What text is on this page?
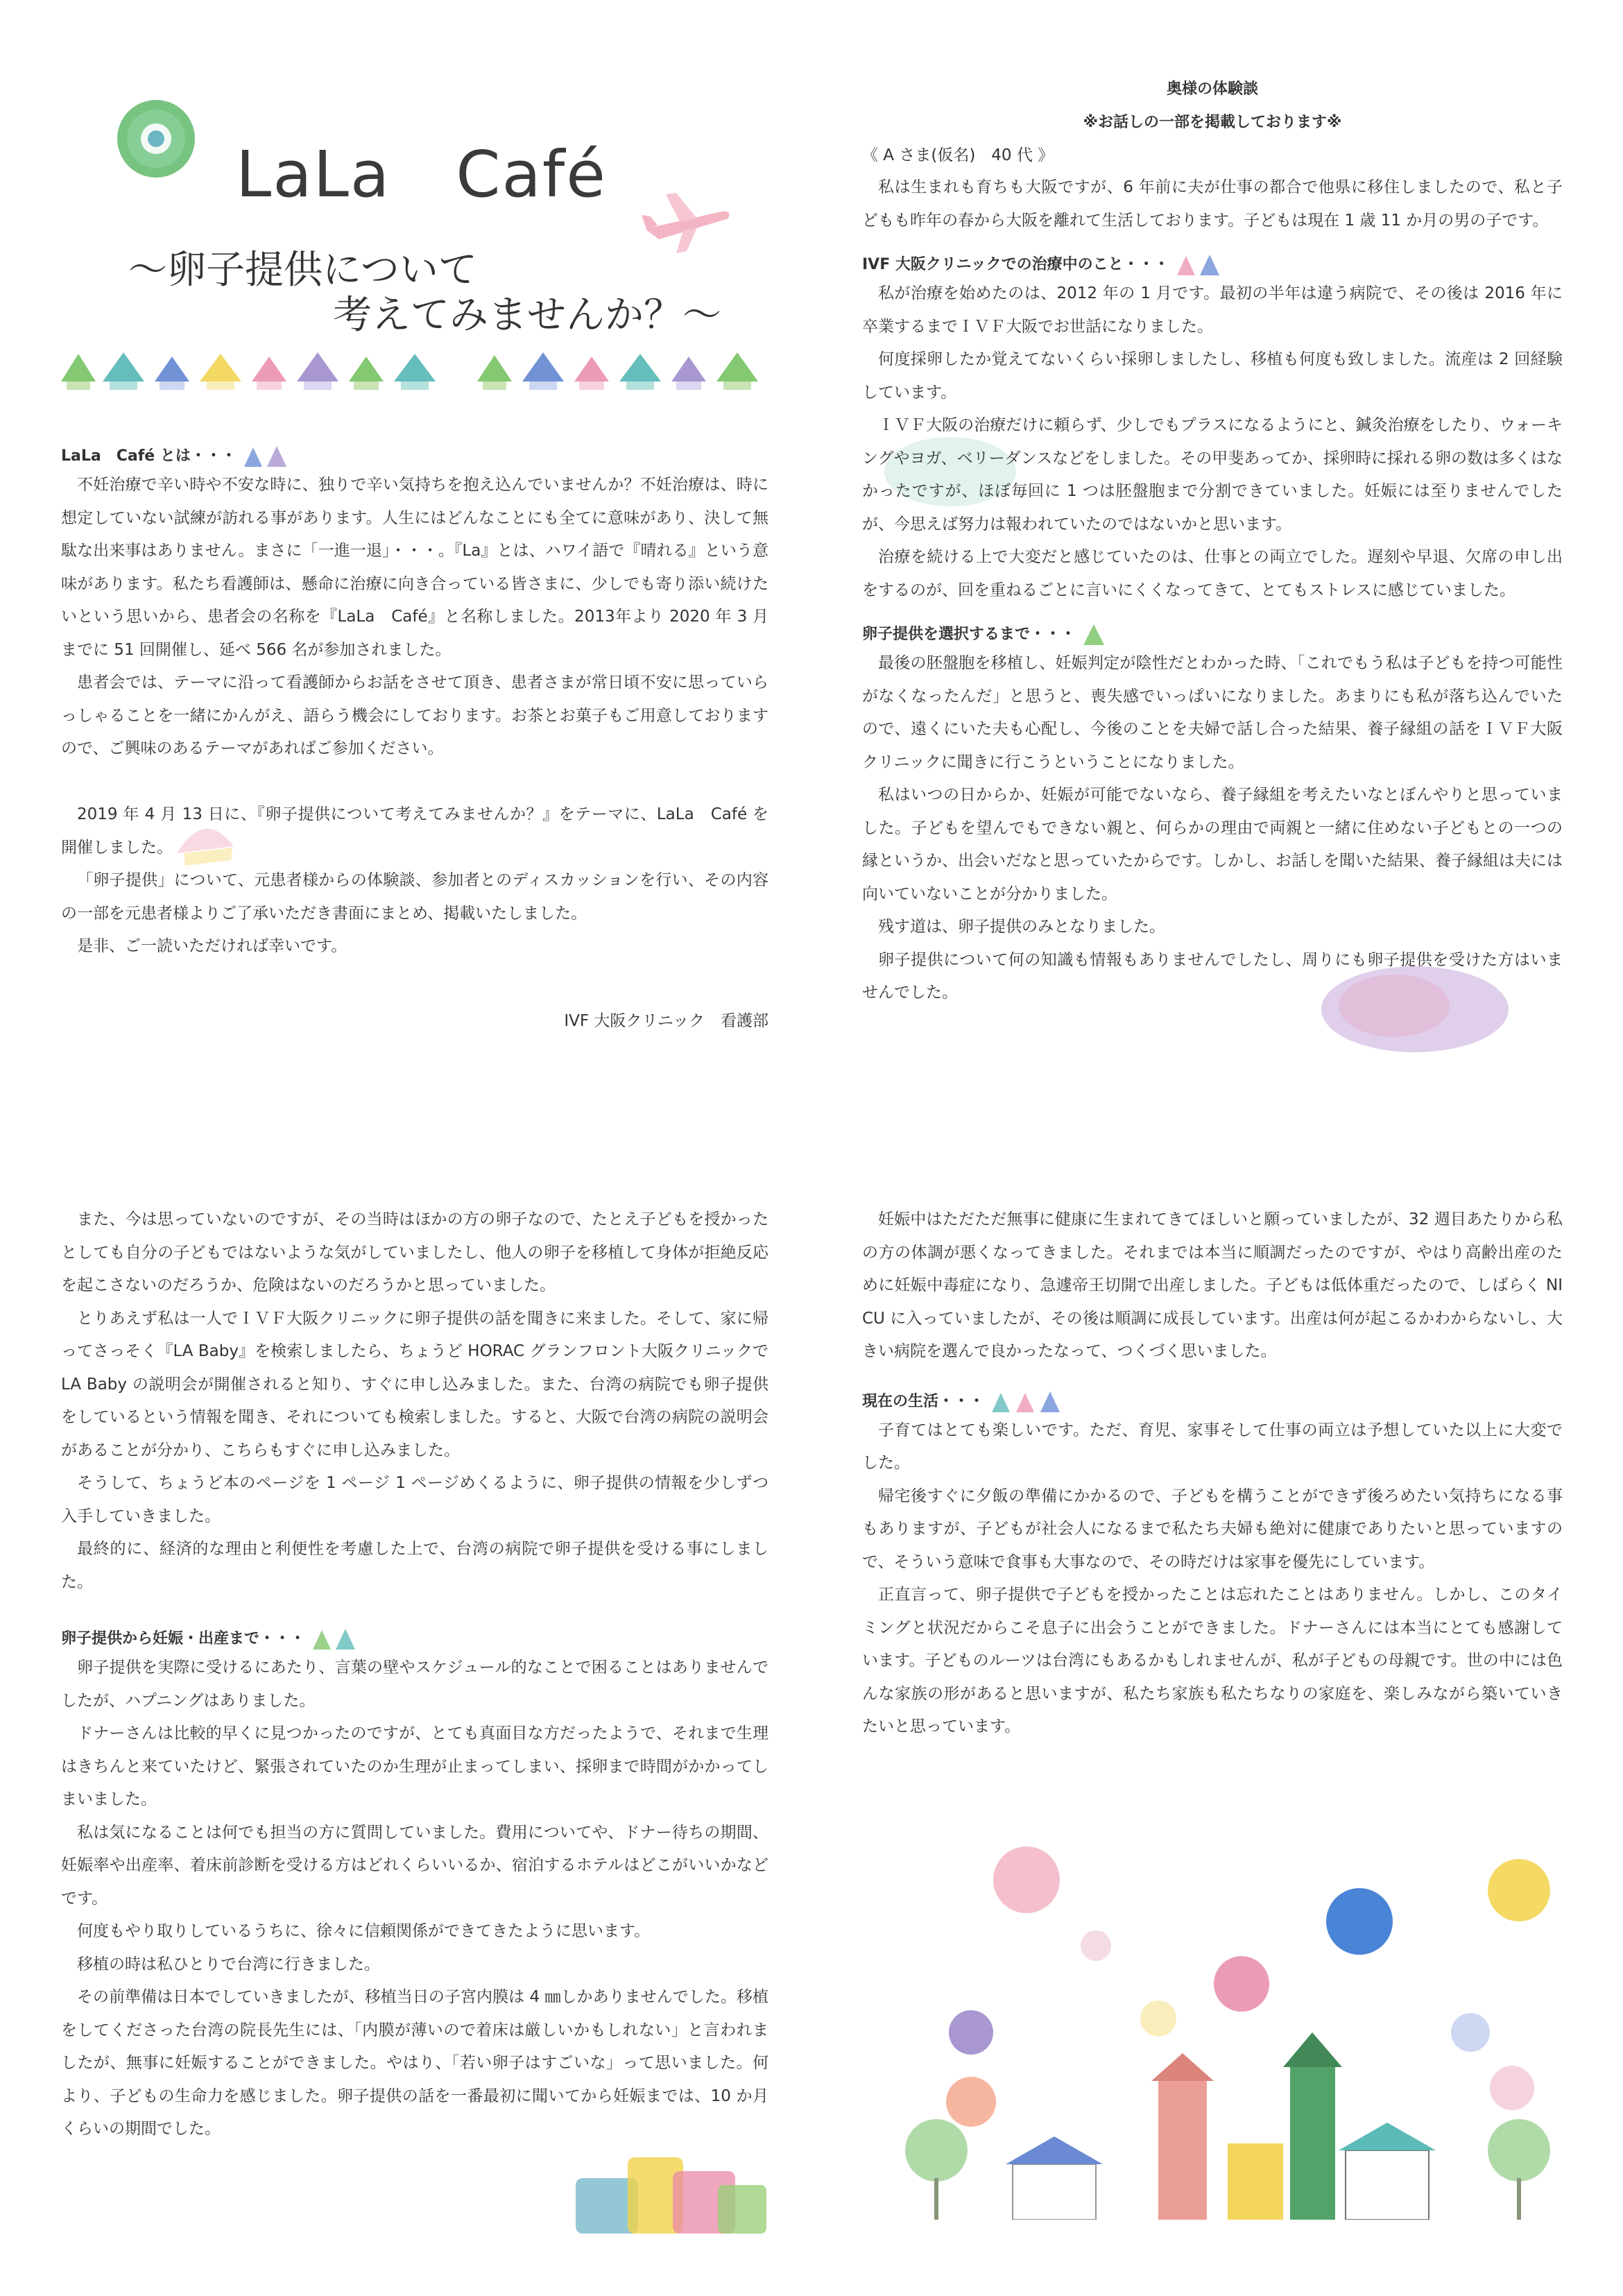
LaLa　Café
～卵子提供について
考えてみませんか？～
LaLa　Café とは・・・

不妊治療で辛い時や不安な時に、独りで辛い気持ちを抱え込んでいませんか？不妊治療は、時に想定していない試練が訪れる事があります。人生にはどんなことにも全てに意味があり、決して無駄な出来事はありません。まさに「一進一退」・・・。『La』とは、ハワイ語で『晴れる』という意味があります。私たち看護師は、懸命に治療に向き合っている皆さまに、少しでも寄り添い続けたいという思いから、患者会の名称を『LaLa　Café』と名称しました。2013年より 2020 年 3 月までに 51 回開催し、延べ 566 名が参加されました。

患者会では、テーマに沿って看護師からお話をさせて頂き、患者さまが常日頃不安に思っていらっしゃることを一緒にかんがえ、語らう機会にしております。お茶とお菓子もご用意しておりますので、ご興味のあるテーマがあればご参加ください。

2019 年 4 月 13 日に、『卵子提供について考えてみませんか？』をテーマに、LaLa　Café を開催しました。

「卵子提供」について、元患者様からの体験談、参加者とのディスカッションを行い、その内容の一部を元患者様よりご了承いただき書面にまとめ、掲載いたしました。

是非、ご一読いただければ幸いです。

IVF 大阪クリニック　看護部

奥様の体験談

※お話しの一部を掲載しております※

《 A さま(仮名)　40 代 》

私は生まれも育ちも大阪ですが、6 年前に夫が仕事の都合で他県に移住しましたので、私と子どもも昨年の春から大阪を離れて生活しております。子どもは現在 1 歳 11 か月の男の子です。

IVF 大阪クリニックでの治療中のこと・・・

私が治療を始めたのは、2012 年の 1 月です。最初の半年は違う病院で、その後は 2016 年に卒業するまでＩＶＦ大阪でお世話になりました。

何度採卵したか覚えてないくらい採卵しましたし、移植も何度も致しました。流産は 2 回経験しています。

ＩＶＦ大阪の治療だけに頼らず、少しでもプラスになるようにと、鍼灸治療をしたり、ウォーキングやヨガ、ベリーダンスなどをしました。その甲斐あってか、採卵時に採れる卵の数は多くはなかったですが、ほぼ毎回に 1 つは胚盤胞まで分割できていました。妊娠には至りませんでしたが、今思えば努力は報われていたのではないかと思います。

治療を続ける上で大変だと感じていたのは、仕事との両立でした。遅刻や早退、欠席の申し出をするのが、回を重ねるごとに言いにくくなってきて、とてもストレスに感じていました。

卵子提供を選択するまで・・・

最後の胚盤胞を移植し、妊娠判定が陰性だとわかった時、「これでもう私は子どもを持つ可能性がなくなったんだ」と思うと、喪失感でいっぱいになりました。あまりにも私が落ち込んでいたので、遠くにいた夫も心配し、今後のことを夫婦で話し合った結果、養子縁組の話をＩＶＦ大阪クリニックに聞きに行こうということになりました。

私はいつの日からか、妊娠が可能でないなら、養子縁組を考えたいなとぼんやりと思っていました。子どもを望んでもできない親と、何らかの理由で両親と一緒に住めない子どもとの一つの縁というか、出会いだなと思っていたからです。しかし、お話しを聞いた結果、養子縁組は夫には向いていないことが分かりました。

残す道は、卵子提供のみとなりました。

卵子提供について何の知識も情報もありませんでしたし、周りにも卵子提供を受けた方はいませんでした。

また、今は思っていないのですが、その当時はほかの方の卵子なので、たとえ子どもを授かったとしても自分の子どもではないような気がしていましたし、他人の卵子を移植して身体が拒絶反応を起こさないのだろうか、危険はないのだろうかと思っていました。

とりあえず私は一人でＩＶＦ大阪クリニックに卵子提供の話を聞きに来ました。そして、家に帰ってさっそく『LA Baby』を検索しましたら、ちょうど HORAC グランフロント大阪クリニックで LA Baby の説明会が開催されると知り、すぐに申し込みました。また、台湾の病院でも卵子提供をしているという情報を聞き、それについても検索しました。すると、大阪で台湾の病院の説明会があることが分かり、こちらもすぐに申し込みました。

そうして、ちょうど本のページを 1 ページ 1 ページめくるように、卵子提供の情報を少しずつ入手していきました。

最終的に、経済的な理由と利便性を考慮した上で、台湾の病院で卵子提供を受ける事にしました。

卵子提供から妊娠・出産まで・・・

卵子提供を実際に受けるにあたり、言葉の壁やスケジュール的なことで困ることはありませんでしたが、ハプニングはありました。

ドナーさんは比較的早くに見つかったのですが、とても真面目な方だったようで、それまで生理はきちんと来ていたけど、緊張されていたのか生理が止まってしまい、採卵まで時間がかかってしまいました。

私は気になることは何でも担当の方に質問していました。費用についてや、ドナー待ちの期間、妊娠率や出産率、着床前診断を受ける方はどれくらいいるか、宿泊するホテルはどこがいいかなどです。

何度もやり取りしているうちに、徐々に信頼関係ができてきたように思います。

移植の時は私ひとりで台湾に行きました。

その前準備は日本でしていきましたが、移植当日の子宮内膜は 4 ㎜しかありませんでした。移植をしてくださった台湾の院長先生には、「内膜が薄いので着床は厳しいかもしれない」と言われましたが、無事に妊娠することができました。やはり、「若い卵子はすごいな」って思いました。何より、子どもの生命力を感じました。卵子提供の話を一番最初に聞いてから妊娠までは、10 か月くらいの期間でした。

妊娠中はただただ無事に健康に生まれてきてほしいと願っていましたが、32 週目あたりから私の方の体調が悪くなってきました。それまでは本当に順調だったのですが、やはり高齢出産のために妊娠中毒症になり、急遽帝王切開で出産しました。子どもは低体重だったので、しばらく NICU に入っていましたが、その後は順調に成長しています。出産は何が起こるかわからないし、大きい病院を選んで良かったなって、つくづく思いました。

現在の生活・・・

子育てはとても楽しいです。ただ、育児、家事そして仕事の両立は予想していた以上に大変でした。

帰宅後すぐに夕飯の準備にかかるので、子どもを構うことができず後ろめたい気持ちになる事もありますが、子どもが社会人になるまで私たち夫婦も絶対に健康でありたいと思っていますので、そういう意味で食事も大事なので、その時だけは家事を優先にしています。

正直言って、卵子提供で子どもを授かったことは忘れたことはありません。しかし、このタイミングと状況だからこそ息子に出会うことができました。ドナーさんには本当にとても感謝しています。子どものルーツは台湾にもあるかもしれませんが、私が子どもの母親です。世の中には色んな家族の形があると思いますが、私たち家族も私たちなりの家庭を、楽しみながら築いていきたいと思っています。
